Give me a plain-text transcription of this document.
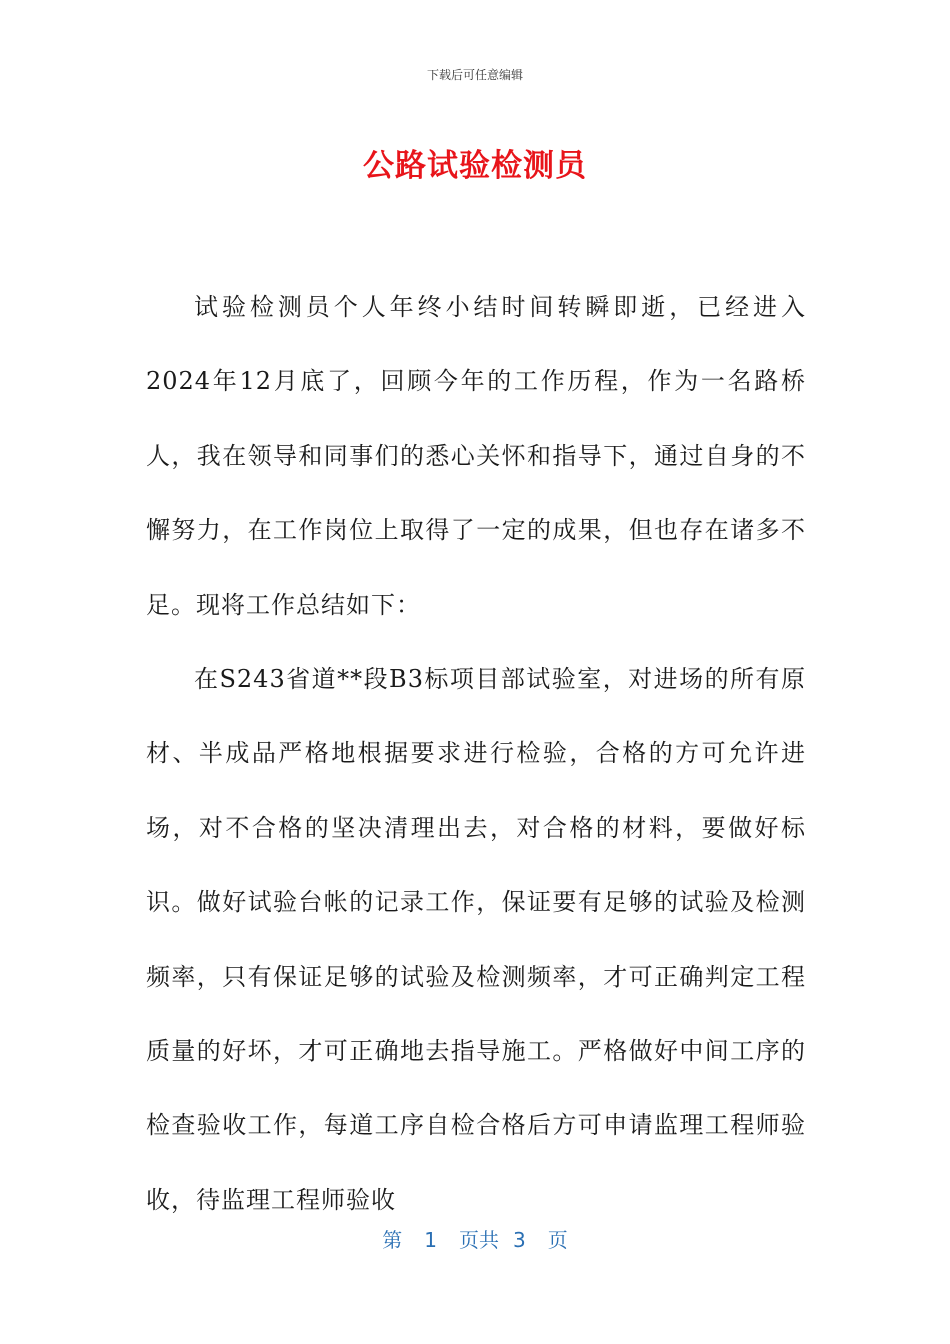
下载后可任意编辑
公路试验检测员

试验检测员个人年终小结时间转瞬即逝，已经进入2024年12月底了，回顾今年的工作历程，作为一名路桥人，我在领导和同事们的悉心关怀和指导下，通过自身的不懈努力，在工作岗位上取得了一定的成果，但也存在诸多不足。现将工作总结如下：

在S243省道**段B3标项目部试验室，对进场的所有原材、半成品严格地根据要求进行检验，合格的方可允许进场，对不合格的坚决清理出去，对合格的材料，要做好标识。做好试验台帐的记录工作，保证要有足够的试验及检测频率，只有保证足够的试验及检测频率，才可正确判定工程质量的好坏，才可正确地去指导施工。严格做好中间工序的检查验收工作，每道工序自检合格后方可申请监理工程师验收，待监理工程师验收

第 1 页共 3 页
